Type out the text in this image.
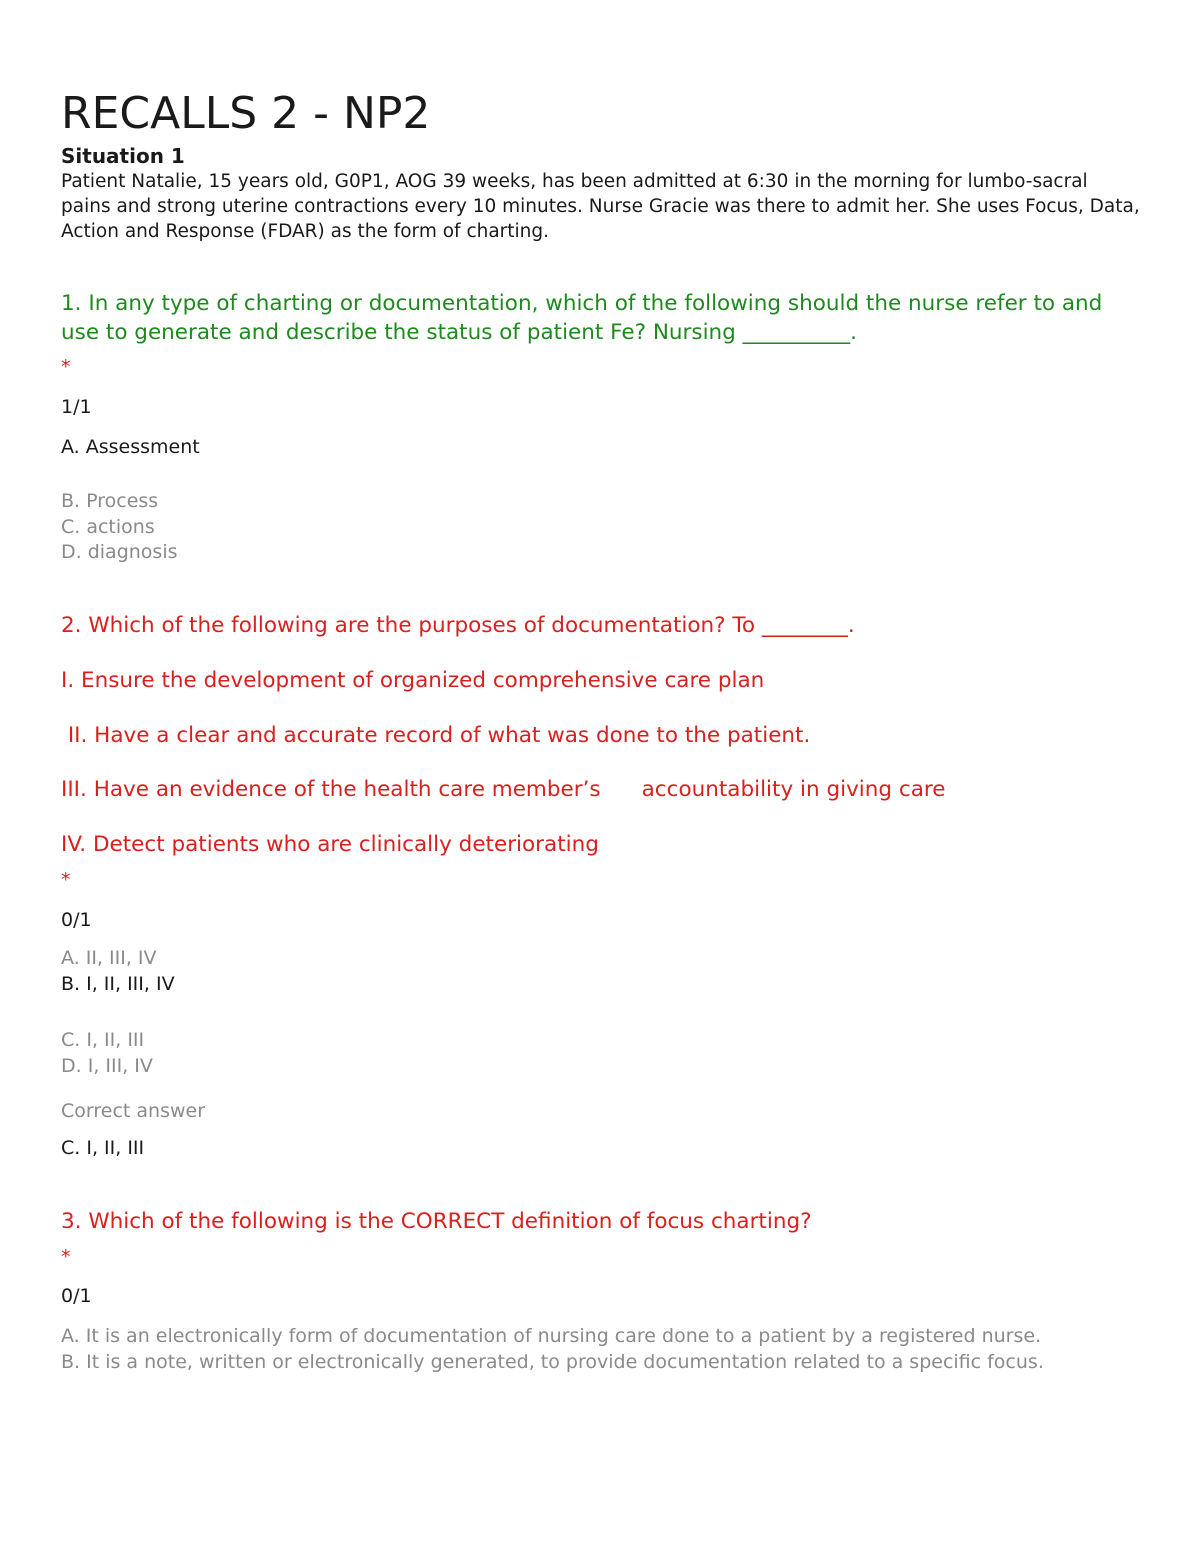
RECALLS 2 - NP2
Situation 1

Patient Natalie, 15 years old, G0P1, AOG 39 weeks, has been admitted at 6:30 in the morning for lumbo-sacral pains and strong uterine contractions every 10 minutes. Nurse Gracie was there to admit her. She uses Focus, Data, Action and Response (FDAR) as the form of charting.

1. In any type of charting or documentation, which of the following should the nurse refer to and use to generate and describe the status of patient Fe? Nursing __________.

*
1/1
A. Assessment
B. Process
C. actions
D. diagnosis

2. Which of the following are the purposes of documentation? To ________.

I. Ensure the development of organized comprehensive care plan

II. Have a clear and accurate record of what was done to the patient.

III. Have an evidence of the health care member’s      accountability in giving care

IV. Detect patients who are clinically deteriorating

*
0/1
A. II, III, IV
B. I, II, III, IV
C. I, II, III
D. I, III, IV
Correct answer
C. I, II, III

3. Which of the following is the CORRECT definition of focus charting?

*
0/1
A. It is an electronically form of documentation of nursing care done to a patient by a registered nurse.
B. It is a note, written or electronically generated, to provide documentation related to a specific focus.
